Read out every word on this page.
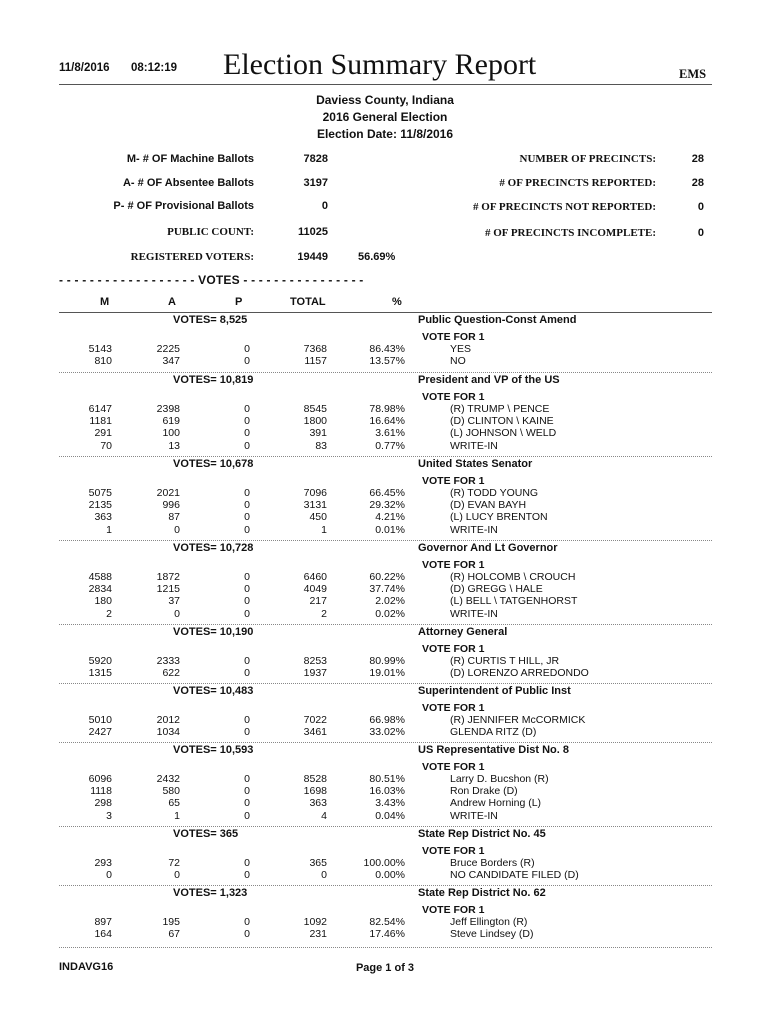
11/8/2016 08:12:19 Election Summary Report	EMS
Daviess County, Indiana
2016 General Election
Election Date: 11/8/2016
M- # OF Machine Ballots	7828
A- # OF Absentee Ballots	3197
P- # OF Provisional Ballots	0
PUBLIC COUNT:	11025
REGISTERED VOTERS:	19449	56.69%
NUMBER OF PRECINCTS:	28
# OF PRECINCTS REPORTED:	28
# OF PRECINCTS NOT REPORTED:	0
# OF PRECINCTS INCOMPLETE:	0
- - - - - - - - - - - - - - - - - - VOTES - - - - - - - - - - - - - - - -
M	A	P	TOTAL	%
VOTES= 8,525	Public Question-Const Amend
VOTE FOR 1
5143	2225	0	7368	86.43%	YES
810	347	0	1157	13.57%	NO
VOTES= 10,819	President and VP of the US
VOTE FOR 1
6147	2398	0	8545	78.98%	(R) TRUMP \ PENCE
1181	619	0	1800	16.64%	(D) CLINTON \ KAINE
291	100	0	391	3.61%	(L) JOHNSON \ WELD
70	13	0	83	0.77%	WRITE-IN
VOTES= 10,678	United States Senator
VOTE FOR 1
5075	2021	0	7096	66.45%	(R) TODD YOUNG
2135	996	0	3131	29.32%	(D) EVAN BAYH
363	87	0	450	4.21%	(L) LUCY BRENTON
1	0	0	1	0.01%	WRITE-IN
VOTES= 10,728	Governor And Lt Governor
VOTE FOR 1
4588	1872	0	6460	60.22%	(R) HOLCOMB \ CROUCH
2834	1215	0	4049	37.74%	(D) GREGG \ HALE
180	37	0	217	2.02%	(L) BELL \ TATGENHORST
2	0	0	2	0.02%	WRITE-IN
VOTES= 10,190	Attorney General
VOTE FOR 1
5920	2333	0	8253	80.99%	(R) CURTIS T HILL, JR
1315	622	0	1937	19.01%	(D) LORENZO ARREDONDO
VOTES= 10,483	Superintendent of Public Inst
VOTE FOR 1
5010	2012	0	7022	66.98%	(R) JENNIFER McCORMICK
2427	1034	0	3461	33.02%	GLENDA RITZ (D)
VOTES= 10,593	US Representative Dist No. 8
VOTE FOR 1
6096	2432	0	8528	80.51%	Larry D. Bucshon (R)
1118	580	0	1698	16.03%	Ron Drake (D)
298	65	0	363	3.43%	Andrew Horning (L)
3	1	0	4	0.04%	WRITE-IN
VOTES= 365	State Rep District No. 45
VOTE FOR 1
293	72	0	365	100.00%	Bruce Borders (R)
0	0	0	0	0.00%	NO CANDIDATE FILED (D)
VOTES= 1,323	State Rep District No. 62
VOTE FOR 1
897	195	0	1092	82.54%	Jeff Ellington (R)
164	67	0	231	17.46%	Steve Lindsey (D)
INDAVG16	Page 1 of 3
